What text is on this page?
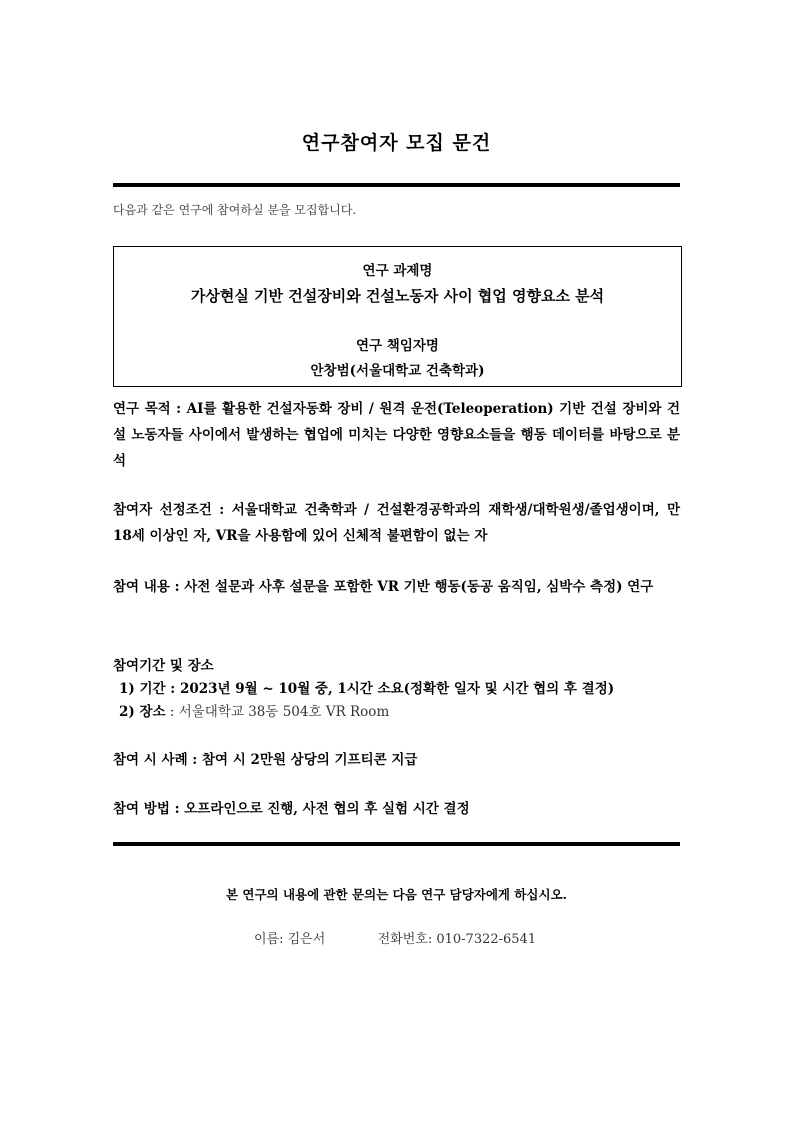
연구참여자 모집 문건
다음과 같은 연구에 참여하실 분을 모집합니다.
연구 과제명
가상현실 기반 건설장비와 건설노동자 사이 협업 영향요소 분석
연구 책임자명
안창범(서울대학교 건축학과)
연구 목적 : AI를 활용한 건설자동화 장비 / 원격 운전(Teleoperation) 기반 건설 장비와 건설 노동자들 사이에서 발생하는 협업에 미치는 다양한 영향요소들을 행동 데이터를 바탕으로 분석
참여자 선정조건 : 서울대학교 건축학과 / 건설환경공학과의 재학생/대학원생/졸업생이며, 만 18세 이상인 자, VR을 사용함에 있어 신체적 불편함이 없는 자
참여 내용 : 사전 설문과 사후 설문을 포함한 VR 기반 행동(동공 움직임, 심박수 측정) 연구
참여기간 및 장소
1) 기간 : 2023년 9월 ~ 10월 중, 1시간 소요(정확한 일자 및 시간 협의 후 결정)
2) 장소 : 서울대학교 38동 504호 VR Room
참여 시 사례 : 참여 시 2만원 상당의 기프티콘 지급
참여 방법 : 오프라인으로 진행, 사전 협의 후 실험 시간 결정
본 연구의 내용에 관한 문의는 다음 연구 담당자에게 하십시오.
이름: 김은서	전화번호: 010-7322-6541
